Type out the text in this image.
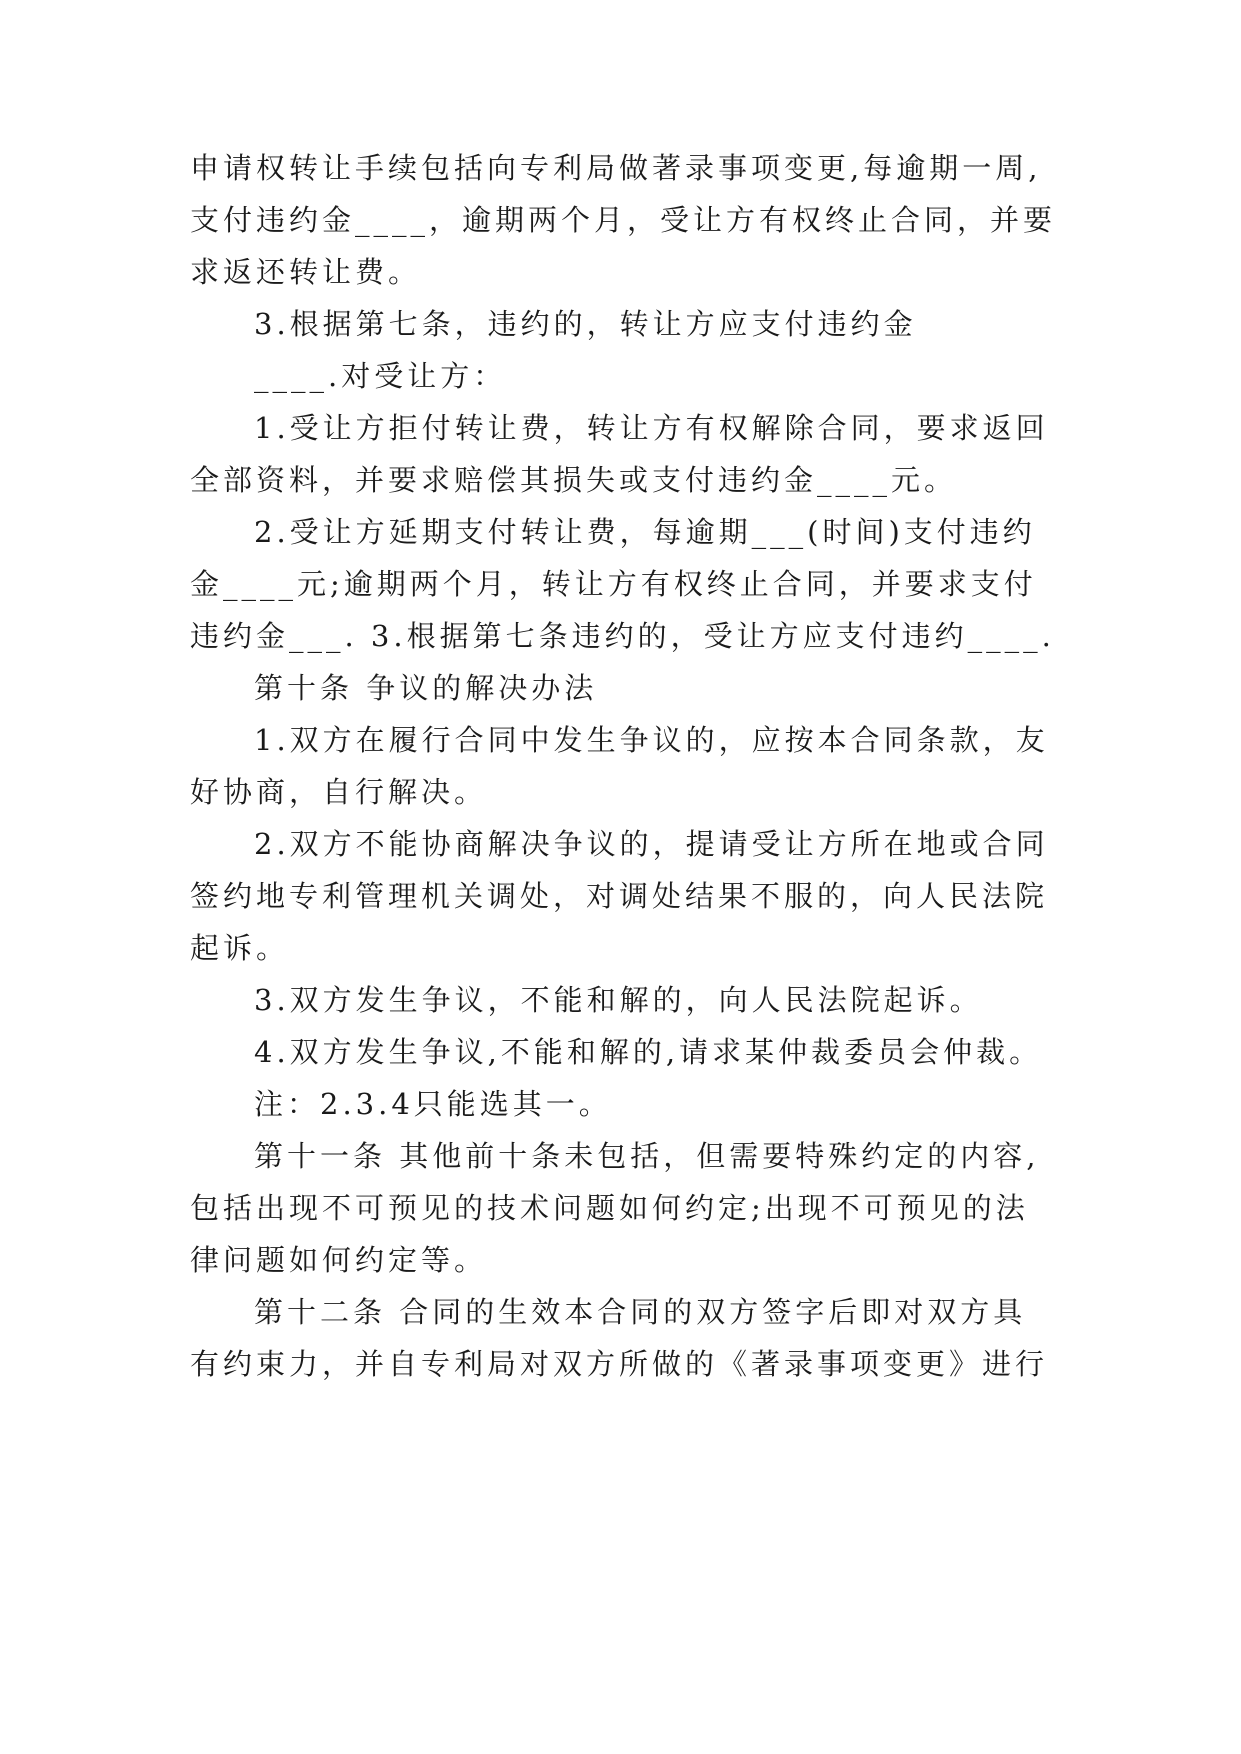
申请权转让手续包括向专利局做著录事项变更,每逾期一周,
支付违约金____，逾期两个月，受让方有权终止合同，并要
求返还转让费。
3.根据第七条，违约的，转让方应支付违约金
____.对受让方：
1.受让方拒付转让费，转让方有权解除合同，要求返回
全部资料，并要求赔偿其损失或支付违约金____元。
2.受让方延期支付转让费，每逾期___(时间)支付违约
金____元;逾期两个月，转让方有权终止合同，并要求支付
违约金___. 3.根据第七条违约的，受让方应支付违约____.
第十条 争议的解决办法
1.双方在履行合同中发生争议的，应按本合同条款，友
好协商，自行解决。
2.双方不能协商解决争议的，提请受让方所在地或合同
签约地专利管理机关调处，对调处结果不服的，向人民法院
起诉。
3.双方发生争议，不能和解的，向人民法院起诉。
4.双方发生争议,不能和解的,请求某仲裁委员会仲裁。
注：2.3.4只能选其一。
第十一条 其他前十条未包括，但需要特殊约定的内容,
包括出现不可预见的技术问题如何约定;出现不可预见的法
律问题如何约定等。
第十二条 合同的生效本合同的双方签字后即对双方具
有约束力，并自专利局对双方所做的《著录事项变更》进行
